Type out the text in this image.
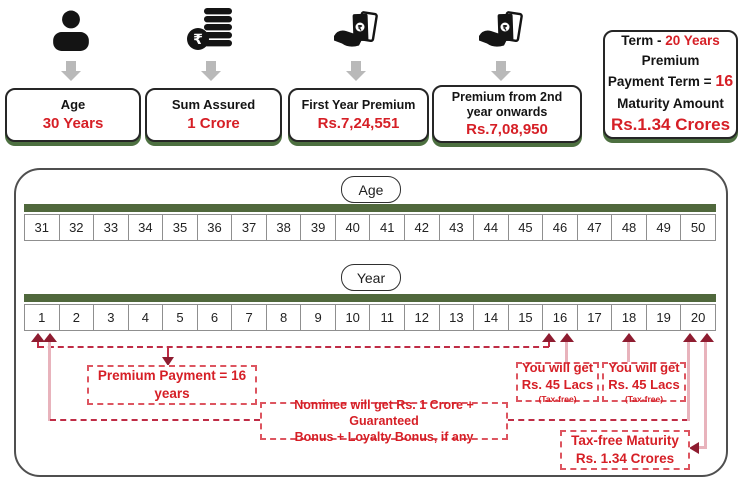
₹
₹	₹
Age
30 Years
Sum Assured
1 Crore
First Year Premium
Rs.7,24,551
Premium from 2nd year onwards
Rs.7,08,950
Term - 20 Years
Premium
Payment Term = 16
Maturity Amount
Rs.1.34 Crores
Age
31	32	33	34	35	36	37	38	39	40	41	42	43	44	45	46	47	48	49	50
Year
1	2	3	4	5	6	7	8	9	10	11	12	13	14	15	16	17	18	19	20
Premium Payment = 16 years
Nominee will get Rs. 1 Crore + Guaranteed
Bonus + Loyalty Bonus, if any
You will get
Rs. 45 Lacs
(Tax-free)
You will get
Rs. 45 Lacs
(Tax-free)
Tax-free Maturity
Rs. 1.34 Crores
